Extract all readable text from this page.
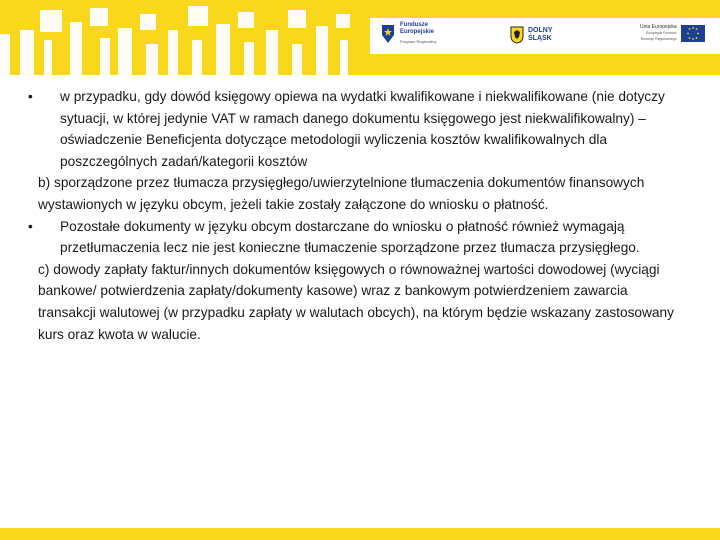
Fundusze
Europejskie
Program Regionalny
DOLNY
ŚLĄSK
Unia Europejska
Europejski Fundusz
Rozwoju Regionalnego
• w przypadku, gdy dowód księgowy opiewa na wydatki kwalifikowane i niekwalifikowane (nie dotyczy sytuacji, w której jedynie VAT w ramach danego dokumentu księgowego jest niekwalifikowalny) – oświadczenie Beneficjenta dotyczące metodologii wyliczenia kosztów kwalifikowalnych dla poszczególnych zadań/kategorii kosztów
b) sporządzone przez tłumacza przysięgłego/uwierzytelnione tłumaczenia dokumentów finansowych wystawionych w języku obcym, jeżeli takie zostały załączone do wniosku o płatność.
• Pozostałe dokumenty w języku obcym dostarczane do wniosku o płatność również wymagają przetłumaczenia lecz nie jest konieczne tłumaczenie sporządzone przez tłumacza przysięgłego.
c) dowody zapłaty faktur/innych dokumentów księgowych o równoważnej wartości dowodowej (wyciągi bankowe/ potwierdzenia zapłaty/dokumenty kasowe) wraz z bankowym potwierdzeniem zawarcia transakcji walutowej (w przypadku zapłaty w walutach obcych), na którym będzie wskazany zastosowany kurs oraz kwota w walucie.
